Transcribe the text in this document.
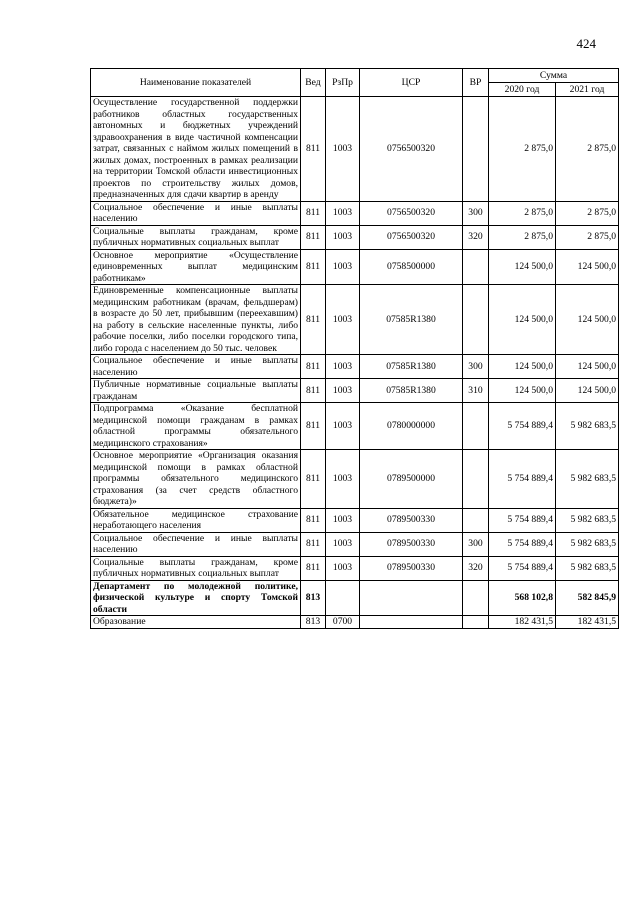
424
Наименование показателей	Вед	РзПр	ЦСР	ВР	Сумма	
					2020 год	2021 год
Осуществление государственной поддержки работников областных государственных автономных и бюджетных учреждений здравоохранения в виде частичной компенсации затрат, связанных с наймом жилых помещений в жилых домах, построенных в рамках реализации на территории Томской области инвестиционных проектов по строительству жилых домов, предназначенных для сдачи квартир в аренду	811	1003	0756500320		2 875,0	2 875,0
Социальное обеспечение и иные выплаты населению	811	1003	0756500320	300	2 875,0	2 875,0
Социальные выплаты гражданам, кроме публичных нормативных социальных выплат	811	1003	0756500320	320	2 875,0	2 875,0
Основное мероприятие «Осуществление единовременных выплат медицинским работникам»	811	1003	0758500000		124 500,0	124 500,0
Единовременные компенсационные выплаты медицинским работникам (врачам, фельдшерам) в возрасте до 50 лет, прибывшим (переехавшим) на работу в сельские населенные пункты, либо рабочие поселки, либо поселки городского типа, либо города с населением до 50 тыс. человек	811	1003	07585R1380		124 500,0	124 500,0
Социальное обеспечение и иные выплаты населению	811	1003	07585R1380	300	124 500,0	124 500,0
Публичные нормативные социальные выплаты гражданам	811	1003	07585R1380	310	124 500,0	124 500,0
Подпрограмма «Оказание бесплатной медицинской помощи гражданам в рамках областной программы обязательного медицинского страхования»	811	1003	0780000000		5 754 889,4	5 982 683,5
Основное мероприятие «Организация оказания медицинской помощи в рамках областной программы обязательного медицинского страхования (за счет средств областного бюджета)»	811	1003	0789500000		5 754 889,4	5 982 683,5
Обязательное медицинское страхование неработающего населения	811	1003	0789500330		5 754 889,4	5 982 683,5
Социальное обеспечение и иные выплаты населению	811	1003	0789500330	300	5 754 889,4	5 982 683,5
Социальные выплаты гражданам, кроме публичных нормативных социальных выплат	811	1003	0789500330	320	5 754 889,4	5 982 683,5
Департамент по молодежной политике, физической культуре и спорту Томской области	813				568 102,8	582 845,9
Образование	813	0700			182 431,5	182 431,5
